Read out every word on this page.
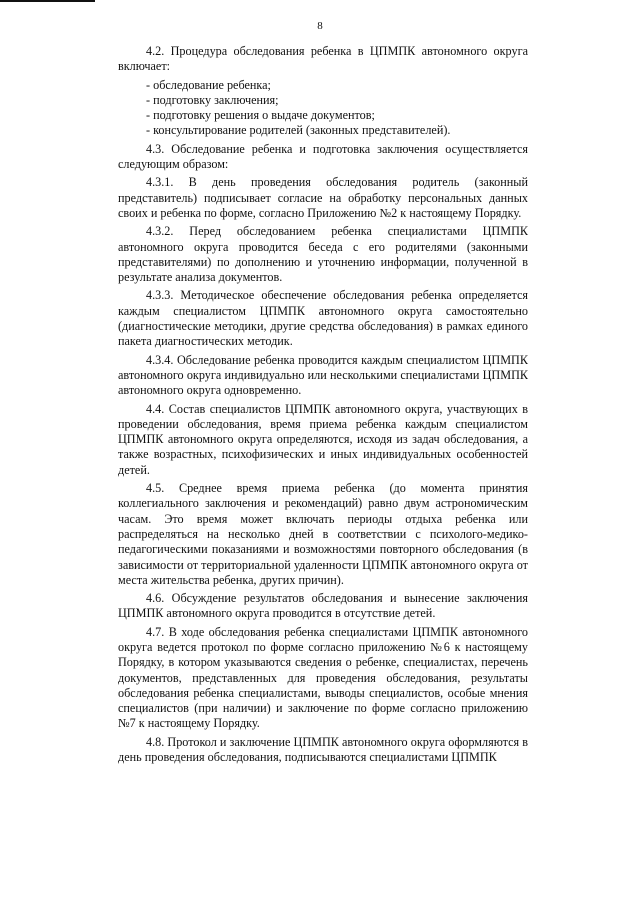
8

4.2. Процедура обследования ребенка в ЦПМПК автономного округа включает:

- обследование ребенка;
- подготовку заключения;
- подготовку решения о выдаче документов;
- консультирование родителей (законных представителей).

4.3. Обследование ребенка и подготовка заключения осуществляется следующим образом:

4.3.1. В день проведения обследования родитель (законный представитель) подписывает согласие на обработку персональных данных своих и ребенка по форме, согласно Приложению №2 к настоящему Порядку.

4.3.2. Перед обследованием ребенка специалистами ЦПМПК автономного округа проводится беседа с его родителями (законными представителями) по дополнению и уточнению информации, полученной в результате анализа документов.

4.3.3. Методическое обеспечение обследования ребенка определяется каждым специалистом ЦПМПК автономного округа самостоятельно (диагностические методики, другие средства обследования) в рамках единого пакета диагностических методик.

4.3.4. Обследование ребенка проводится каждым специалистом ЦПМПК автономного округа индивидуально или несколькими специалистами ЦПМПК автономного округа одновременно.

4.4. Состав специалистов ЦПМПК автономного округа, участвующих в проведении обследования, время приема ребенка каждым специалистом ЦПМПК автономного округа определяются, исходя из задач обследования, а также возрастных, психофизических и иных индивидуальных особенностей детей.

4.5. Среднее время приема ребенка (до момента принятия коллегиального заключения и рекомендаций) равно двум астрономическим часам. Это время может включать периоды отдыха ребенка или распределяться на несколько дней в соответствии с психолого-медико-педагогическими показаниями и возможностями повторного обследования (в зависимости от территориальной удаленности ЦПМПК автономного округа от места жительства ребенка, других причин).

4.6. Обсуждение результатов обследования и вынесение заключения ЦПМПК автономного округа проводится в отсутствие детей.

4.7. В ходе обследования ребенка специалистами ЦПМПК автономного округа ведется протокол по форме согласно приложению №6 к настоящему Порядку, в котором указываются сведения о ребенке, специалистах, перечень документов, представленных для проведения обследования, результаты обследования ребенка специалистами, выводы специалистов, особые мнения специалистов (при наличии) и заключение по форме согласно приложению №7 к настоящему Порядку.

4.8. Протокол и заключение ЦПМПК автономного округа оформляются в день проведения обследования, подписываются специалистами ЦПМПК
